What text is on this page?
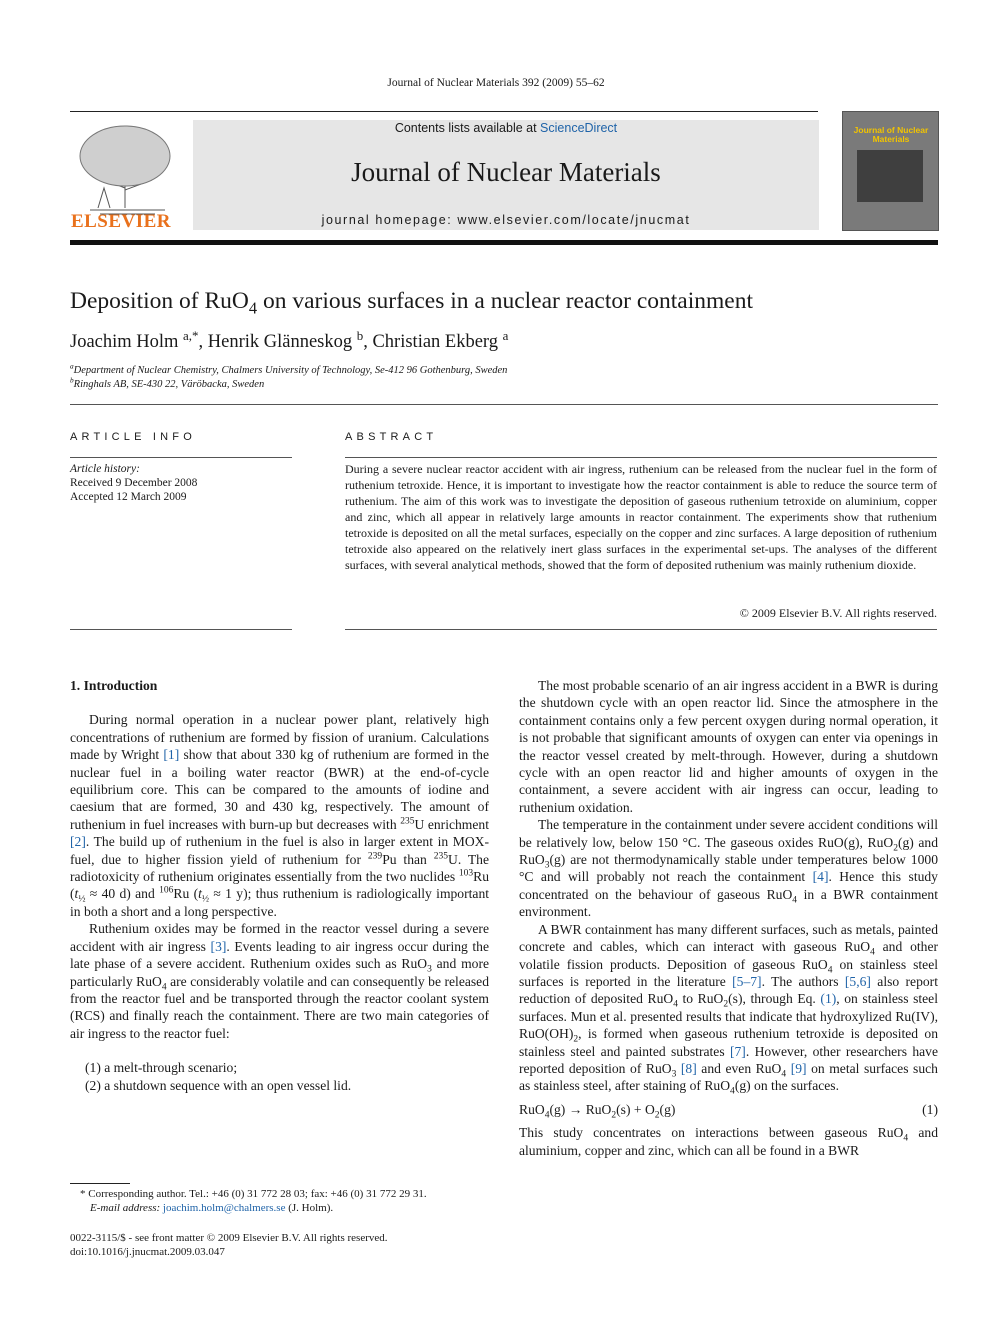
Journal of Nuclear Materials 392 (2009) 55–62
ELSEVIER
Contents lists available at ScienceDirect
Journal of Nuclear Materials
journal homepage: www.elsevier.com/locate/jnucmat
Journal of Nuclear Materials
Deposition of RuO$_4$ on various surfaces in a nuclear reactor containment
Joachim Holm $^{a,*}$, Henrik Glänneskog $^b$, Christian Ekberg $^a$
$^a$Department of Nuclear Chemistry, Chalmers University of Technology, Se-412 96 Gothenburg, Sweden
$^b$Ringhals AB, SE-430 22, Väröbacka, Sweden
ARTICLE INFO	ABSTRACT
Article history:
Received 9 December 2008
Accepted 12 March 2009
During a severe nuclear reactor accident with air ingress, ruthenium can be released from the nuclear fuel in the form of ruthenium tetroxide. Hence, it is important to investigate how the reactor containment is able to reduce the source term of ruthenium. The aim of this work was to investigate the deposition of gaseous ruthenium tetroxide on aluminium, copper and zinc, which all appear in relatively large amounts in reactor containment. The experiments show that ruthenium tetroxide is deposited on all the metal surfaces, especially on the copper and zinc surfaces. A large deposition of ruthenium tetroxide also appeared on the relatively inert glass surfaces in the experimental set-ups. The analyses of the different surfaces, with several analytical methods, showed that the form of deposited ruthenium was mainly ruthenium dioxide.
© 2009 Elsevier B.V. All rights reserved.
1. Introduction

During normal operation in a nuclear power plant, relatively high concentrations of ruthenium are formed by fission of uranium. Calculations made by Wright [1] show that about 330 kg of ruthenium are formed in the nuclear fuel in a boiling water reactor (BWR) at the end-of-cycle equilibrium core. This can be compared to the amounts of iodine and caesium that are formed, 30 and 430 kg, respectively. The amount of ruthenium in fuel increases with burn-up but decreases with $^{235}$U enrichment [2]. The build up of ruthenium in the fuel is also in larger extent in MOX-fuel, due to higher fission yield of ruthenium for $^{239}$Pu than $^{235}$U. The radiotoxicity of ruthenium originates essentially from the two nuclides $^{103}$Ru ($t_{\frac{1}{2}} \approx 40$ d) and $^{106}$Ru ($t_{\frac{1}{2}} \approx 1$ y); thus ruthenium is radiologically important in both a short and a long perspective.

Ruthenium oxides may be formed in the reactor vessel during a severe accident with air ingress [3]. Events leading to air ingress occur during the late phase of a severe accident. Ruthenium oxides such as RuO$_3$ and more particularly RuO$_4$ are considerably volatile and can consequently be released from the reactor fuel and be transported through the reactor coolant system (RCS) and finally reach the containment. There are two main categories of air ingress to the reactor fuel:

(1) a melt-through scenario;
(2) a shutdown sequence with an open vessel lid.

The most probable scenario of an air ingress accident in a BWR is during the shutdown cycle with an open reactor lid. Since the atmosphere in the containment contains only a few percent oxygen during normal operation, it is not probable that significant amounts of oxygen can enter via openings in the reactor vessel created by melt-through. However, during a shutdown cycle with an open reactor lid and higher amounts of oxygen in the containment, a severe accident with air ingress can occur, leading to ruthenium oxidation.

The temperature in the containment under severe accident conditions will be relatively low, below 150 °C. The gaseous oxides RuO(g), RuO$_2$(g) and RuO$_3$(g) are not thermodynamically stable under temperatures below 1000 °C and will probably not reach the containment [4]. Hence this study concentrated on the behaviour of gaseous RuO$_4$ in a BWR containment environment.

A BWR containment has many different surfaces, such as metals, painted concrete and cables, which can interact with gaseous RuO$_4$ and other volatile fission products. Deposition of gaseous RuO$_4$ on stainless steel surfaces is reported in the literature [5–7]. The authors [5,6] also report reduction of deposited RuO$_4$ to RuO$_2$(s), through Eq. (1), on stainless steel surfaces. Mun et al. presented results that indicate that hydroxylized Ru(IV), $RuO(OH)_2$, is formed when gaseous ruthenium tetroxide is deposited on stainless steel and painted substrates [7]. However, other researchers have reported deposition of RuO$_3$ [8] and even RuO$_4$ [9] on metal surfaces such as stainless steel, after staining of RuO$_4$(g) on the surfaces.

$RuO_4(g) \to RuO_2(s) + O_2(g)$	(1)

This study concentrates on interactions between gaseous RuO$_4$ and aluminium, copper and zinc, which can all be found in a BWR

* Corresponding author. Tel.: +46 (0) 31 772 28 03; fax: +46 (0) 31 772 29 31.
E-mail address: joachim.holm@chalmers.se (J. Holm).
0022-3115/$ - see front matter © 2009 Elsevier B.V. All rights reserved.
doi:10.1016/j.jnucmat.2009.03.047
